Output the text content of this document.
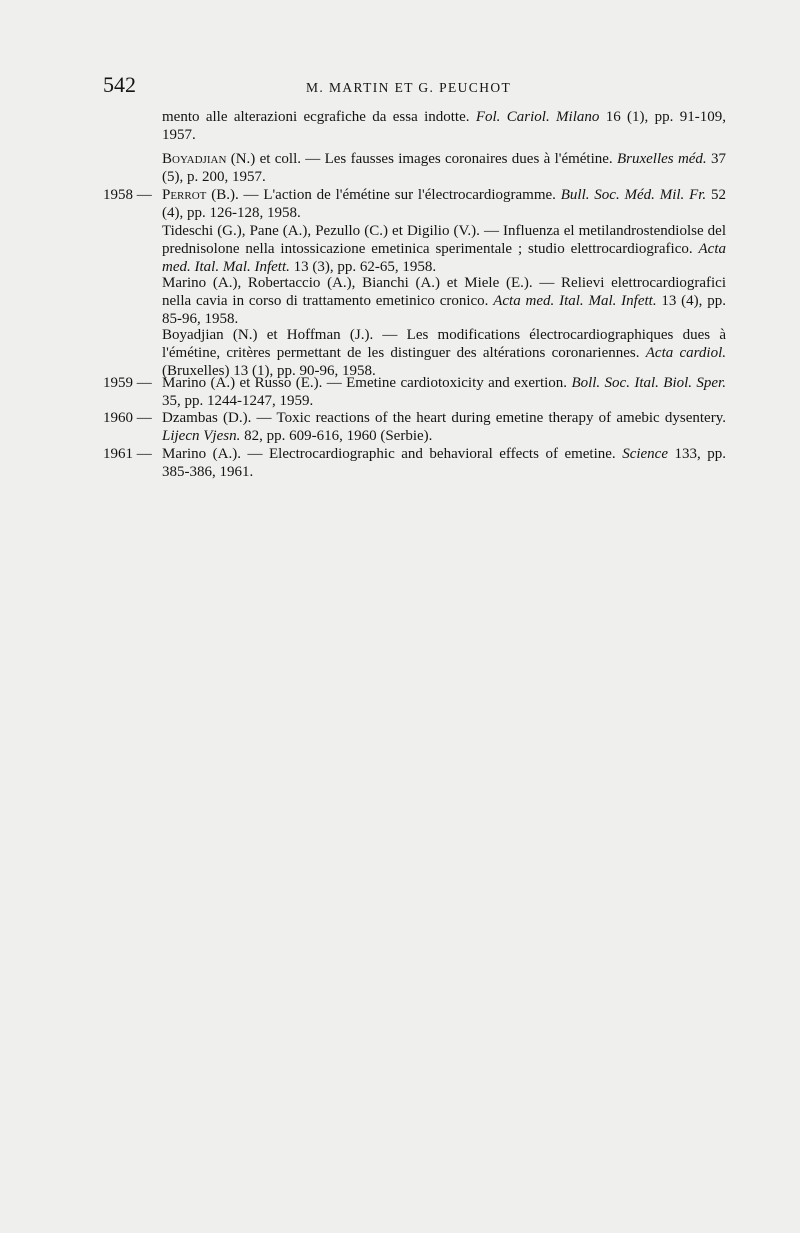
542	M. MARTIN ET G. PEUCHOT
mento alle alterazioni ecgrafiche da essa indotte. Fol. Cariol. Milano 16 (1), pp. 91-109, 1957.
Boyadjian (N.) et coll. — Les fausses images coronaires dues à l'émétine. Bruxelles méd. 37 (5), p. 200, 1957.
1958 — Perrot (B.). — L'action de l'émétine sur l'électrocardiogramme. Bull. Soc. Méd. Mil. Fr. 52 (4), pp. 126-128, 1958.
Tideschi (G.), Pane (A.), Pezullo (C.) et Digilio (V.). — Influenza el metilandrostendiolse del prednisolone nella intossicazione emetinica sperimentale ; studio elettrocardiografico. Acta med. Ital. Mal. Infett. 13 (3), pp. 62-65, 1958.
Marino (A.), Robertaccio (A.), Bianchi (A.) et Miele (E.). — Relievi elettrocardiografici nella cavia in corso di trattamento emetinico cronico. Acta med. Ital. Mal. Infett. 13 (4), pp. 85-96, 1958.
Boyadjian (N.) et Hoffman (J.). — Les modifications électrocardiographiques dues à l'émétine, critères permettant de les distinguer des altérations coronariennes. Acta cardiol. (Bruxelles) 13 (1), pp. 90-96, 1958.
1959 — Marino (A.) et Russo (E.). — Emetine cardiotoxicity and exertion. Boll. Soc. Ital. Biol. Sper. 35, pp. 1244-1247, 1959.
1960 — Dzambas (D.). — Toxic reactions of the heart during emetine therapy of amebic dysentery. Lijecn Vjesn. 82, pp. 609-616, 1960 (Serbie).
1961 — Marino (A.). — Electrocardiographic and behavioral effects of emetine. Science 133, pp. 385-386, 1961.
